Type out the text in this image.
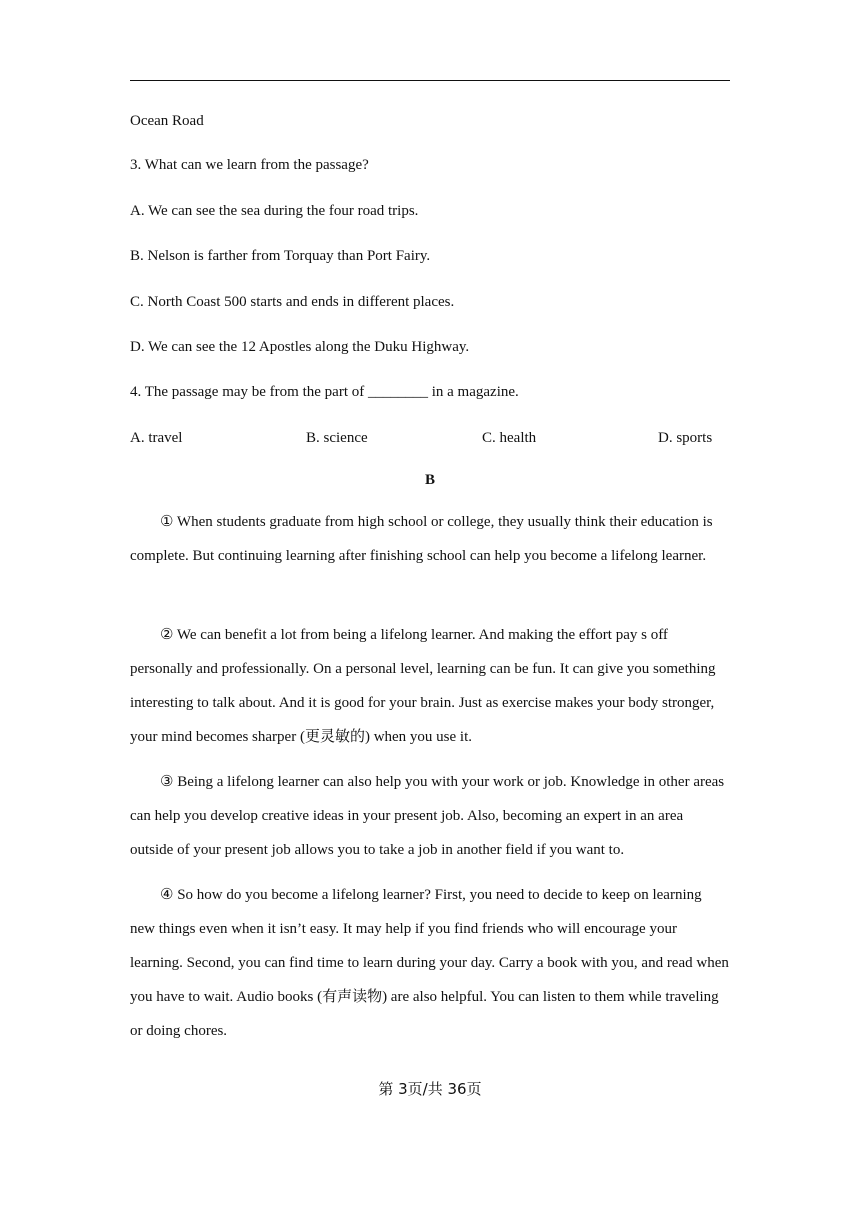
Ocean Road
3. What can we learn from the passage?
A. We can see the sea during the four road trips.
B. Nelson is farther from Torquay than Port Fairy.
C. North Coast 500 starts and ends in different places.
D. We can see the 12 Apostles along the Duku Highway.
4. The passage may be from the part of ________ in a magazine.
A. travel	B. science	C. health	D. sports
B

① When students graduate from high school or college, they usually think their education is complete. But continuing learning after finishing school can help you become a lifelong learner.

② We can benefit a lot from being a lifelong learner. And making the effort pay s off personally and professionally. On a personal level, learning can be fun. It can give you something interesting to talk about. And it is good for your brain. Just as exercise makes your body stronger, your mind becomes sharper (更灵敏的) when you use it.

③ Being a lifelong learner can also help you with your work or job. Knowledge in other areas can help you develop creative ideas in your present job. Also, becoming an expert in an area outside of your present job allows you to take a job in another field if you want to.

④ So how do you become a lifelong learner? First, you need to decide to keep on learning new things even when it isn’t easy. It may help if you find friends who will encourage your learning. Second, you can find time to learn during your day. Carry a book with you, and read when you have to wait. Audio books (有声读物) are also helpful. You can listen to them while traveling or doing chores.

第 3页/共 36页
